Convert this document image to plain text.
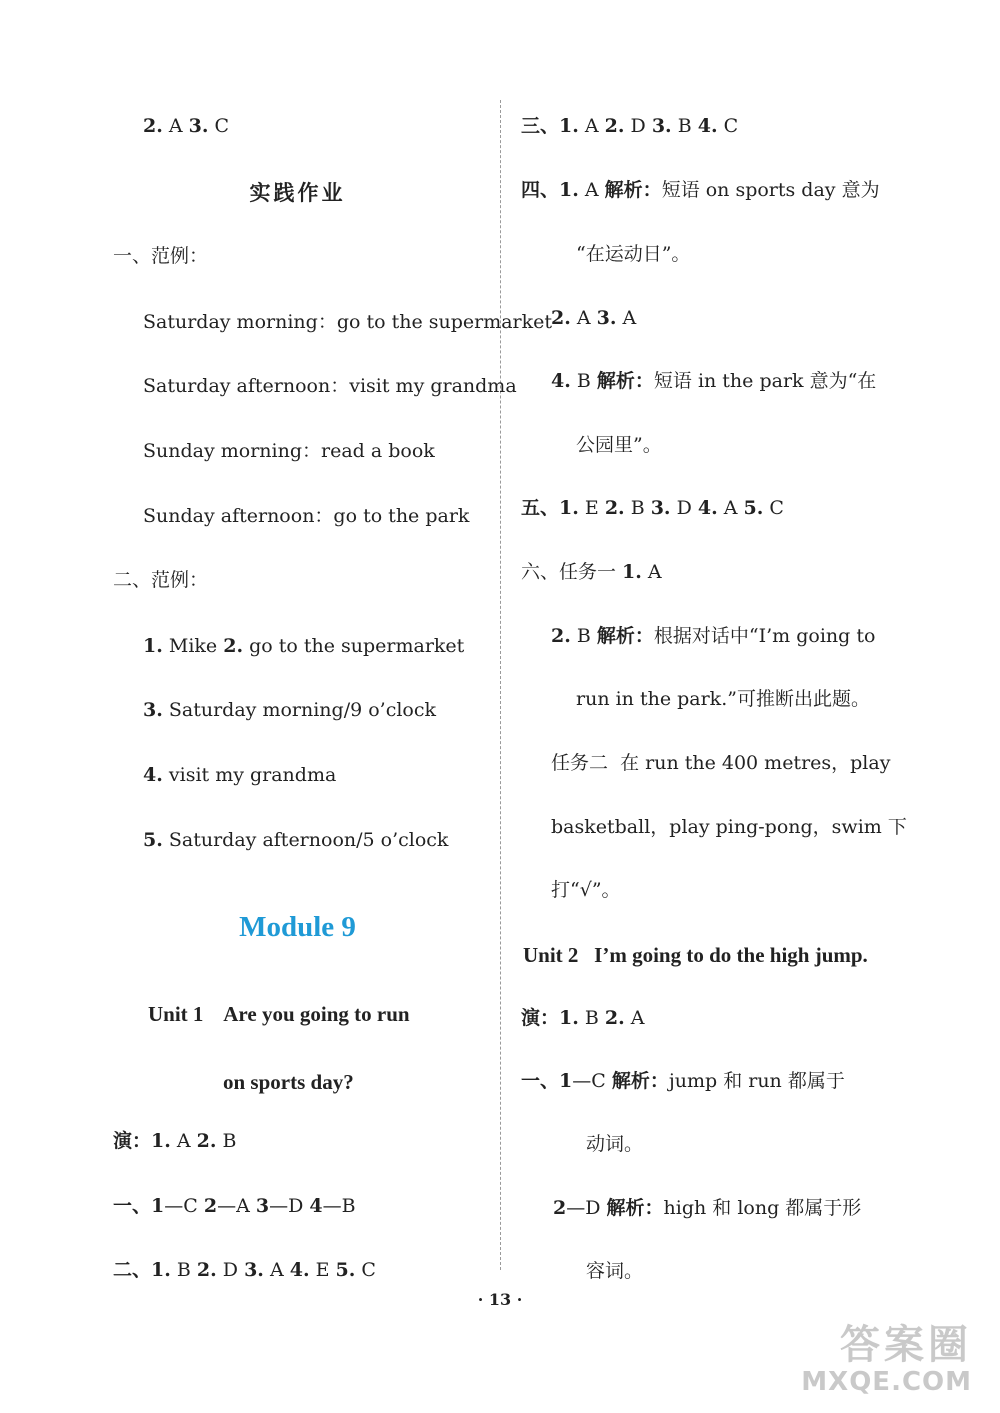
2. A 3. C
实践作业
一、范例：
Saturday morning：go to the supermarket
Saturday afternoon：visit my grandma
Sunday morning：read a book
Sunday afternoon：go to the park
二、范例：
1. Mike 2. go to the supermarket
3. Saturday morning/9 o’clock
4. visit my grandma
5. Saturday afternoon/5 o’clock
Module 9
Unit 1    Are you going to run
on sports day?
演：1. A 2. B
一、1—C 2—A 3—D 4—B
二、1. B 2. D 3. A 4. E 5. C
三、1. A 2. D 3. B 4. C
四、1. A 解析：短语 on sports day 意为
“在运动日”。
2. A 3. A
4. B 解析：短语 in the park 意为“在
公园里”。
五、1. E 2. B 3. D 4. A 5. C
六、任务一 1. A
2. B 解析：根据对话中“I’m going to
run in the park.”可推断出此题。
任务二  在 run the 400 metres，play
basketball，play ping-pong，swim 下
打“√”。
Unit 2   I’m going to do the high jump.
演：1. B 2. A
一、1—C 解析：jump 和 run 都属于
动词。
2—D 解析：high 和 long 都属于形
容词。
· 13 ·
答案圈
MXQE.COM
